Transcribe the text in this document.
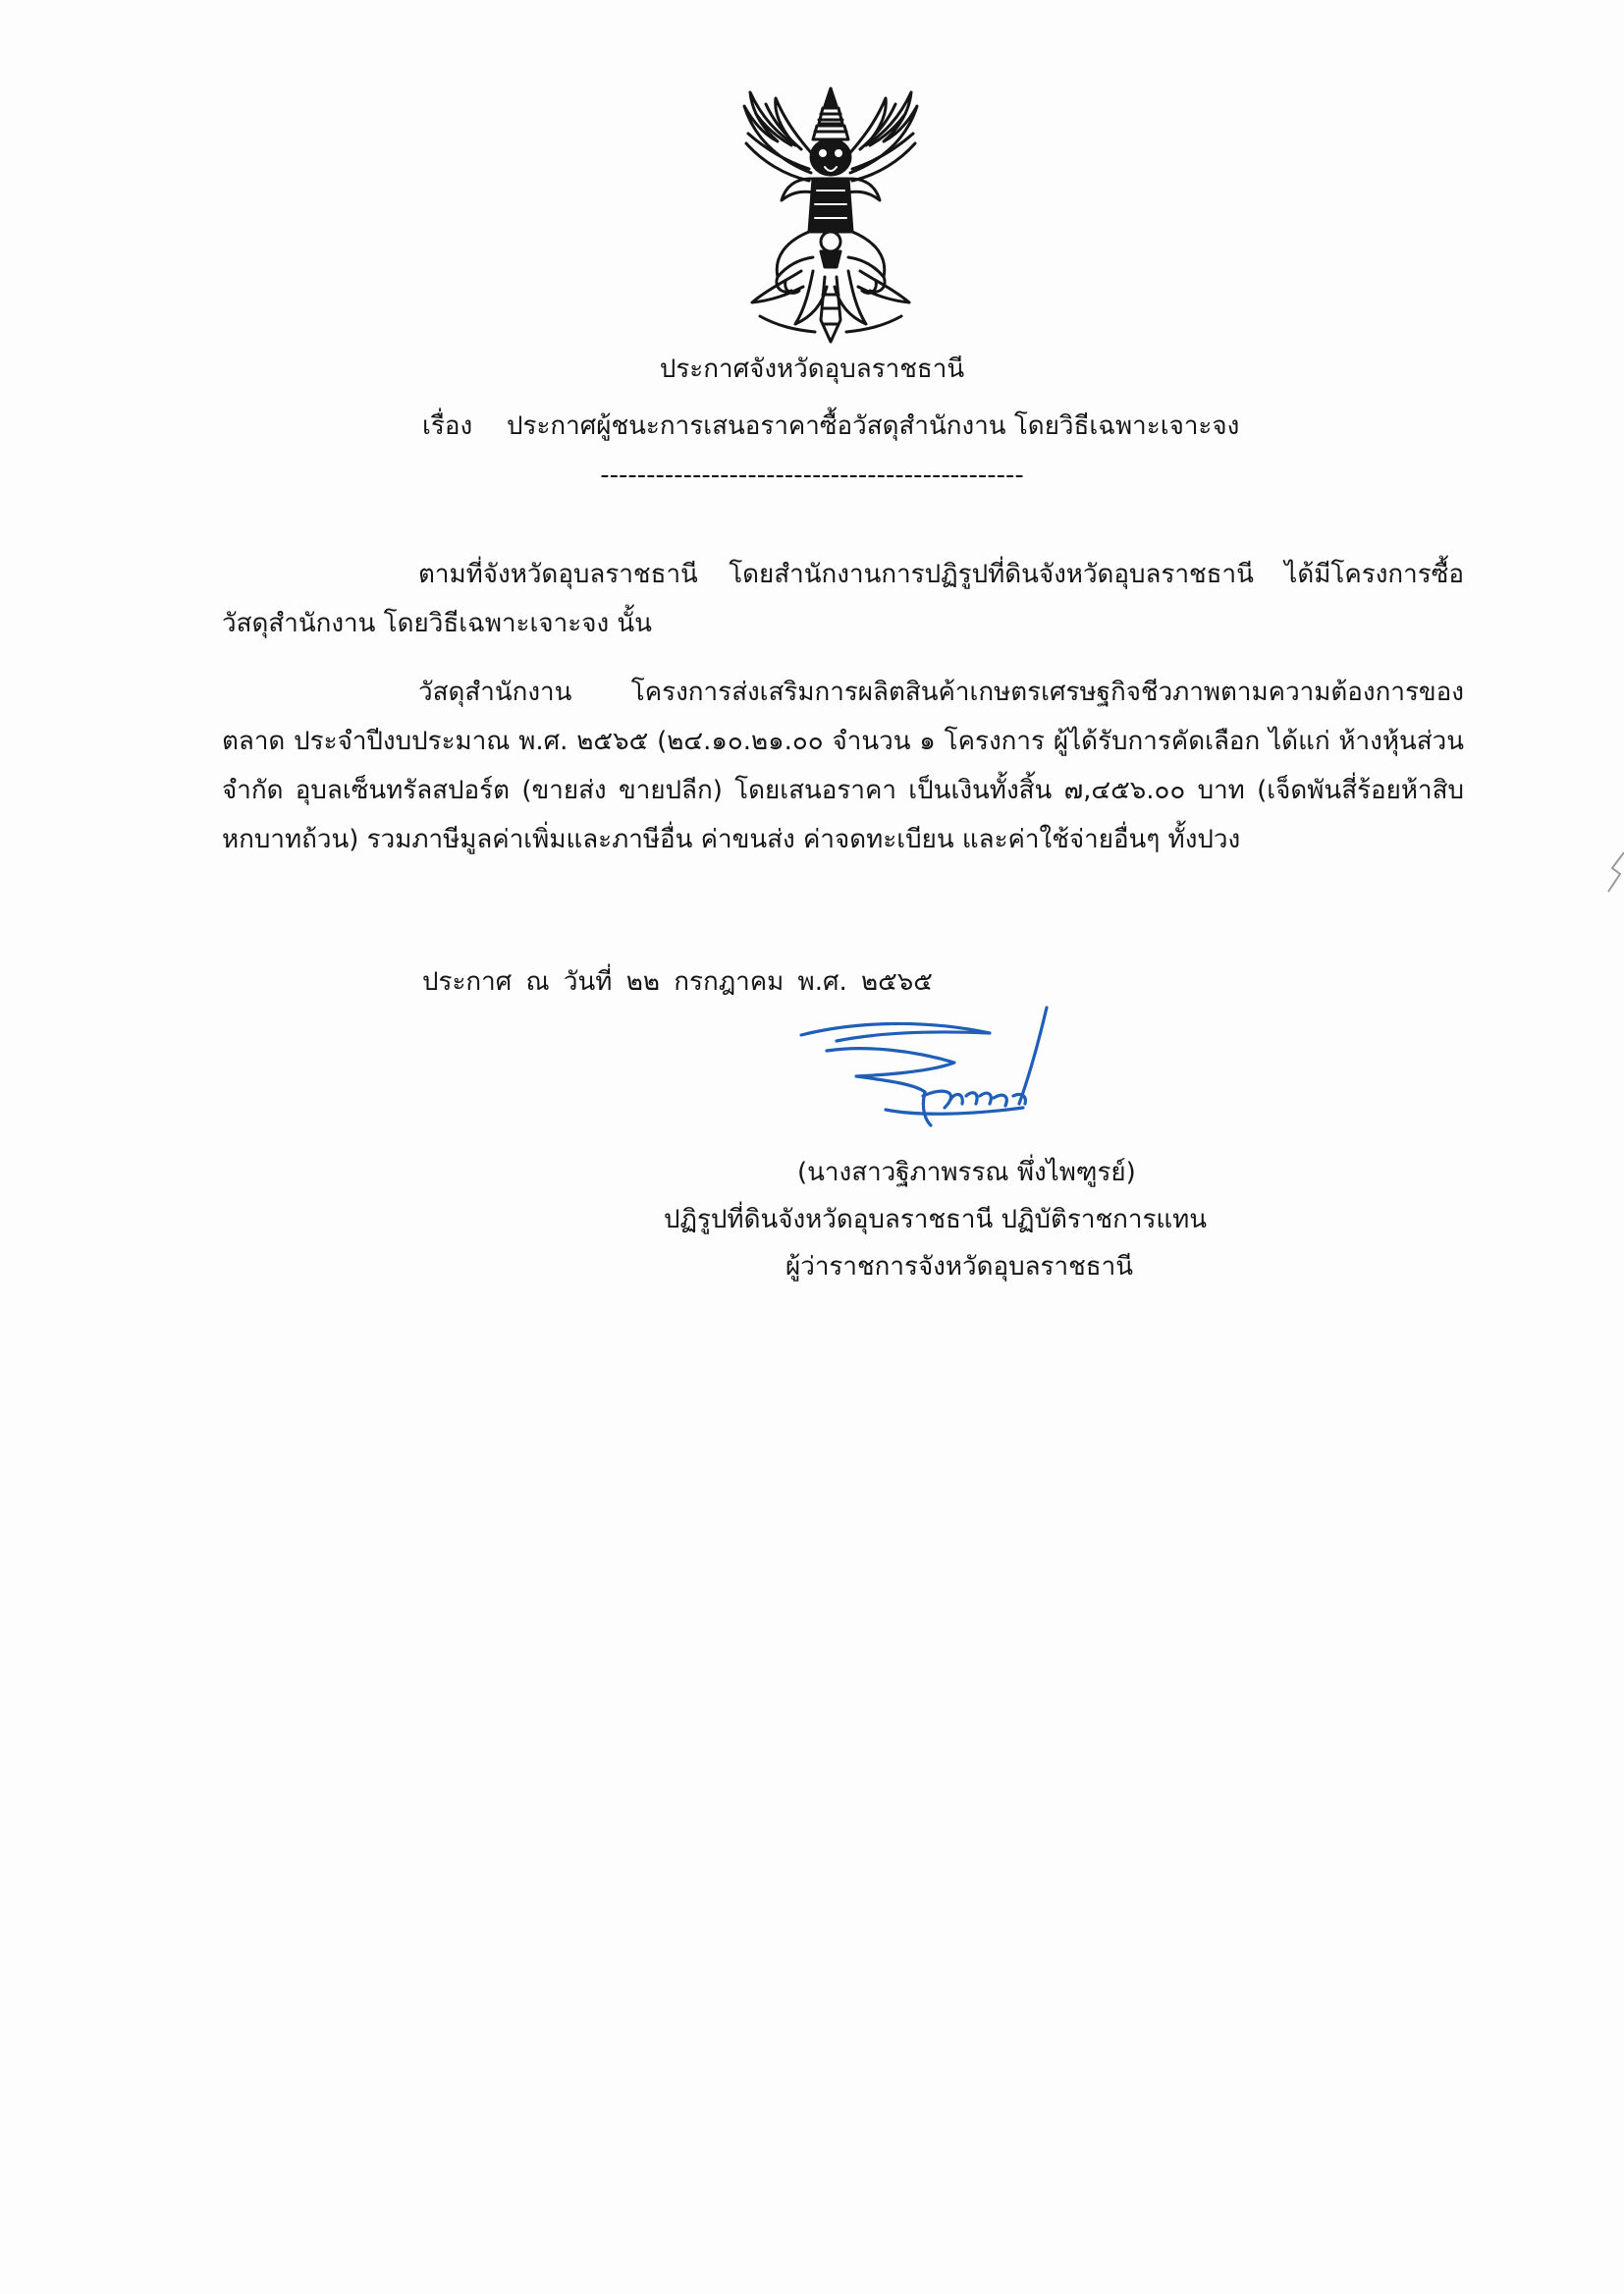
ประกาศจังหวัดอุบลราชธานี
เรื่อง ประกาศผู้ชนะการเสนอราคาซื้อวัสดุสำนักงาน โดยวิธีเฉพาะเจาะจง
----------------------------------------------
ตามที่จังหวัดอุบลราชธานี โดยสำนักงานการปฏิรูปที่ดินจังหวัดอุบลราชธานี ได้มีโครงการซื้อวัสดุสำนักงาน โดยวิธีเฉพาะเจาะจง นั้น
วัสดุสำนักงาน โครงการส่งเสริมการผลิตสินค้าเกษตรเศรษฐกิจชีวภาพตามความต้องการของตลาด ประจำปีงบประมาณ พ.ศ. ๒๕๖๕ (๒๔.๑๐.๒๑.๐๐ จำนวน ๑ โครงการ ผู้ได้รับการคัดเลือก ได้แก่ ห้างหุ้นส่วนจำกัด อุบลเซ็นทรัลสปอร์ต (ขายส่ง ขายปลีก) โดยเสนอราคา เป็นเงินทั้งสิ้น ๗,๔๕๖.๐๐ บาท (เจ็ดพันสี่ร้อยห้าสิบหกบาทถ้วน) รวมภาษีมูลค่าเพิ่มและภาษีอื่น ค่าขนส่ง ค่าจดทะเบียน และค่าใช้จ่ายอื่นๆ ทั้งปวง
ประกาศ ณ วันที่ ๒๒ กรกฎาคม พ.ศ. ๒๕๖๕
(นางสาวฐิภาพรรณ พึ่งไพฑูรย์)
ปฏิรูปที่ดินจังหวัดอุบลราชธานี ปฏิบัติราชการแทน
ผู้ว่าราชการจังหวัดอุบลราชธานี
